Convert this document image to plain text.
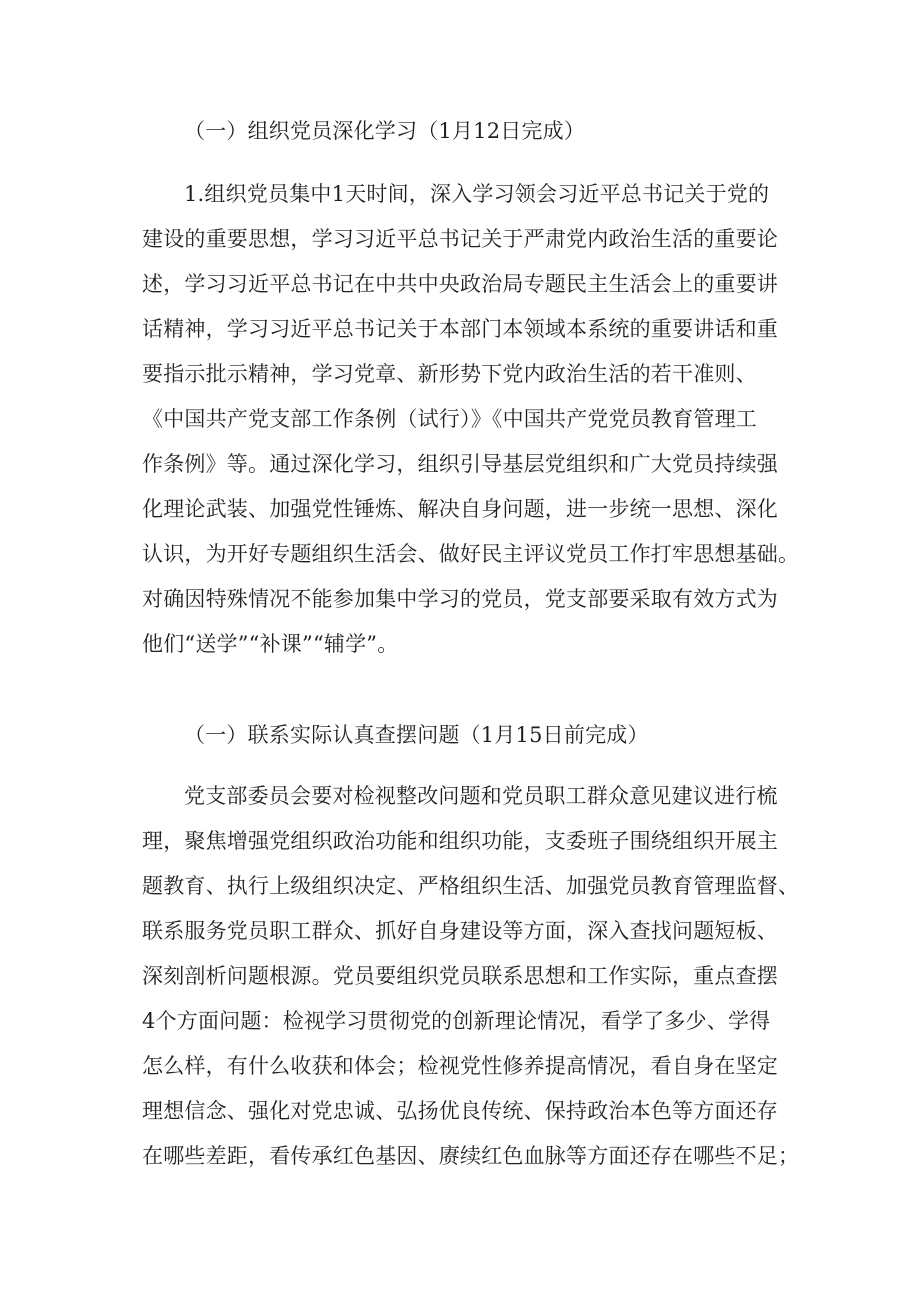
（一）组织党员深化学习（1月12日完成）
1.组织党员集中1天时间，深入学习领会习近平总书记关于党的
建设的重要思想，学习习近平总书记关于严肃党内政治生活的重要论
述，学习习近平总书记在中共中央政治局专题民主生活会上的重要讲
话精神，学习习近平总书记关于本部门本领域本系统的重要讲话和重
要指示批示精神，学习党章、新形势下党内政治生活的若干准则、
《中国共产党支部工作条例（试行）》《中国共产党党员教育管理工
作条例》等。通过深化学习，组织引导基层党组织和广大党员持续强
化理论武装、加强党性锤炼、解决自身问题，进一步统一思想、深化
认识，为开好专题组织生活会、做好民主评议党员工作打牢思想基础。
对确因特殊情况不能参加集中学习的党员，党支部要采取有效方式为
他们“送学”“补课”“辅学”。
（一）联系实际认真查摆问题（1月15日前完成）
党支部委员会要对检视整改问题和党员职工群众意见建议进行梳
理，聚焦增强党组织政治功能和组织功能，支委班子围绕组织开展主
题教育、执行上级组织决定、严格组织生活、加强党员教育管理监督、
联系服务党员职工群众、抓好自身建设等方面，深入查找问题短板、
深刻剖析问题根源。党员要组织党员联系思想和工作实际，重点查摆
4个方面问题：检视学习贯彻党的创新理论情况，看学了多少、学得
怎么样，有什么收获和体会；检视党性修养提高情况，看自身在坚定
理想信念、强化对党忠诚、弘扬优良传统、保持政治本色等方面还存
在哪些差距，看传承红色基因、赓续红色血脉等方面还存在哪些不足；
